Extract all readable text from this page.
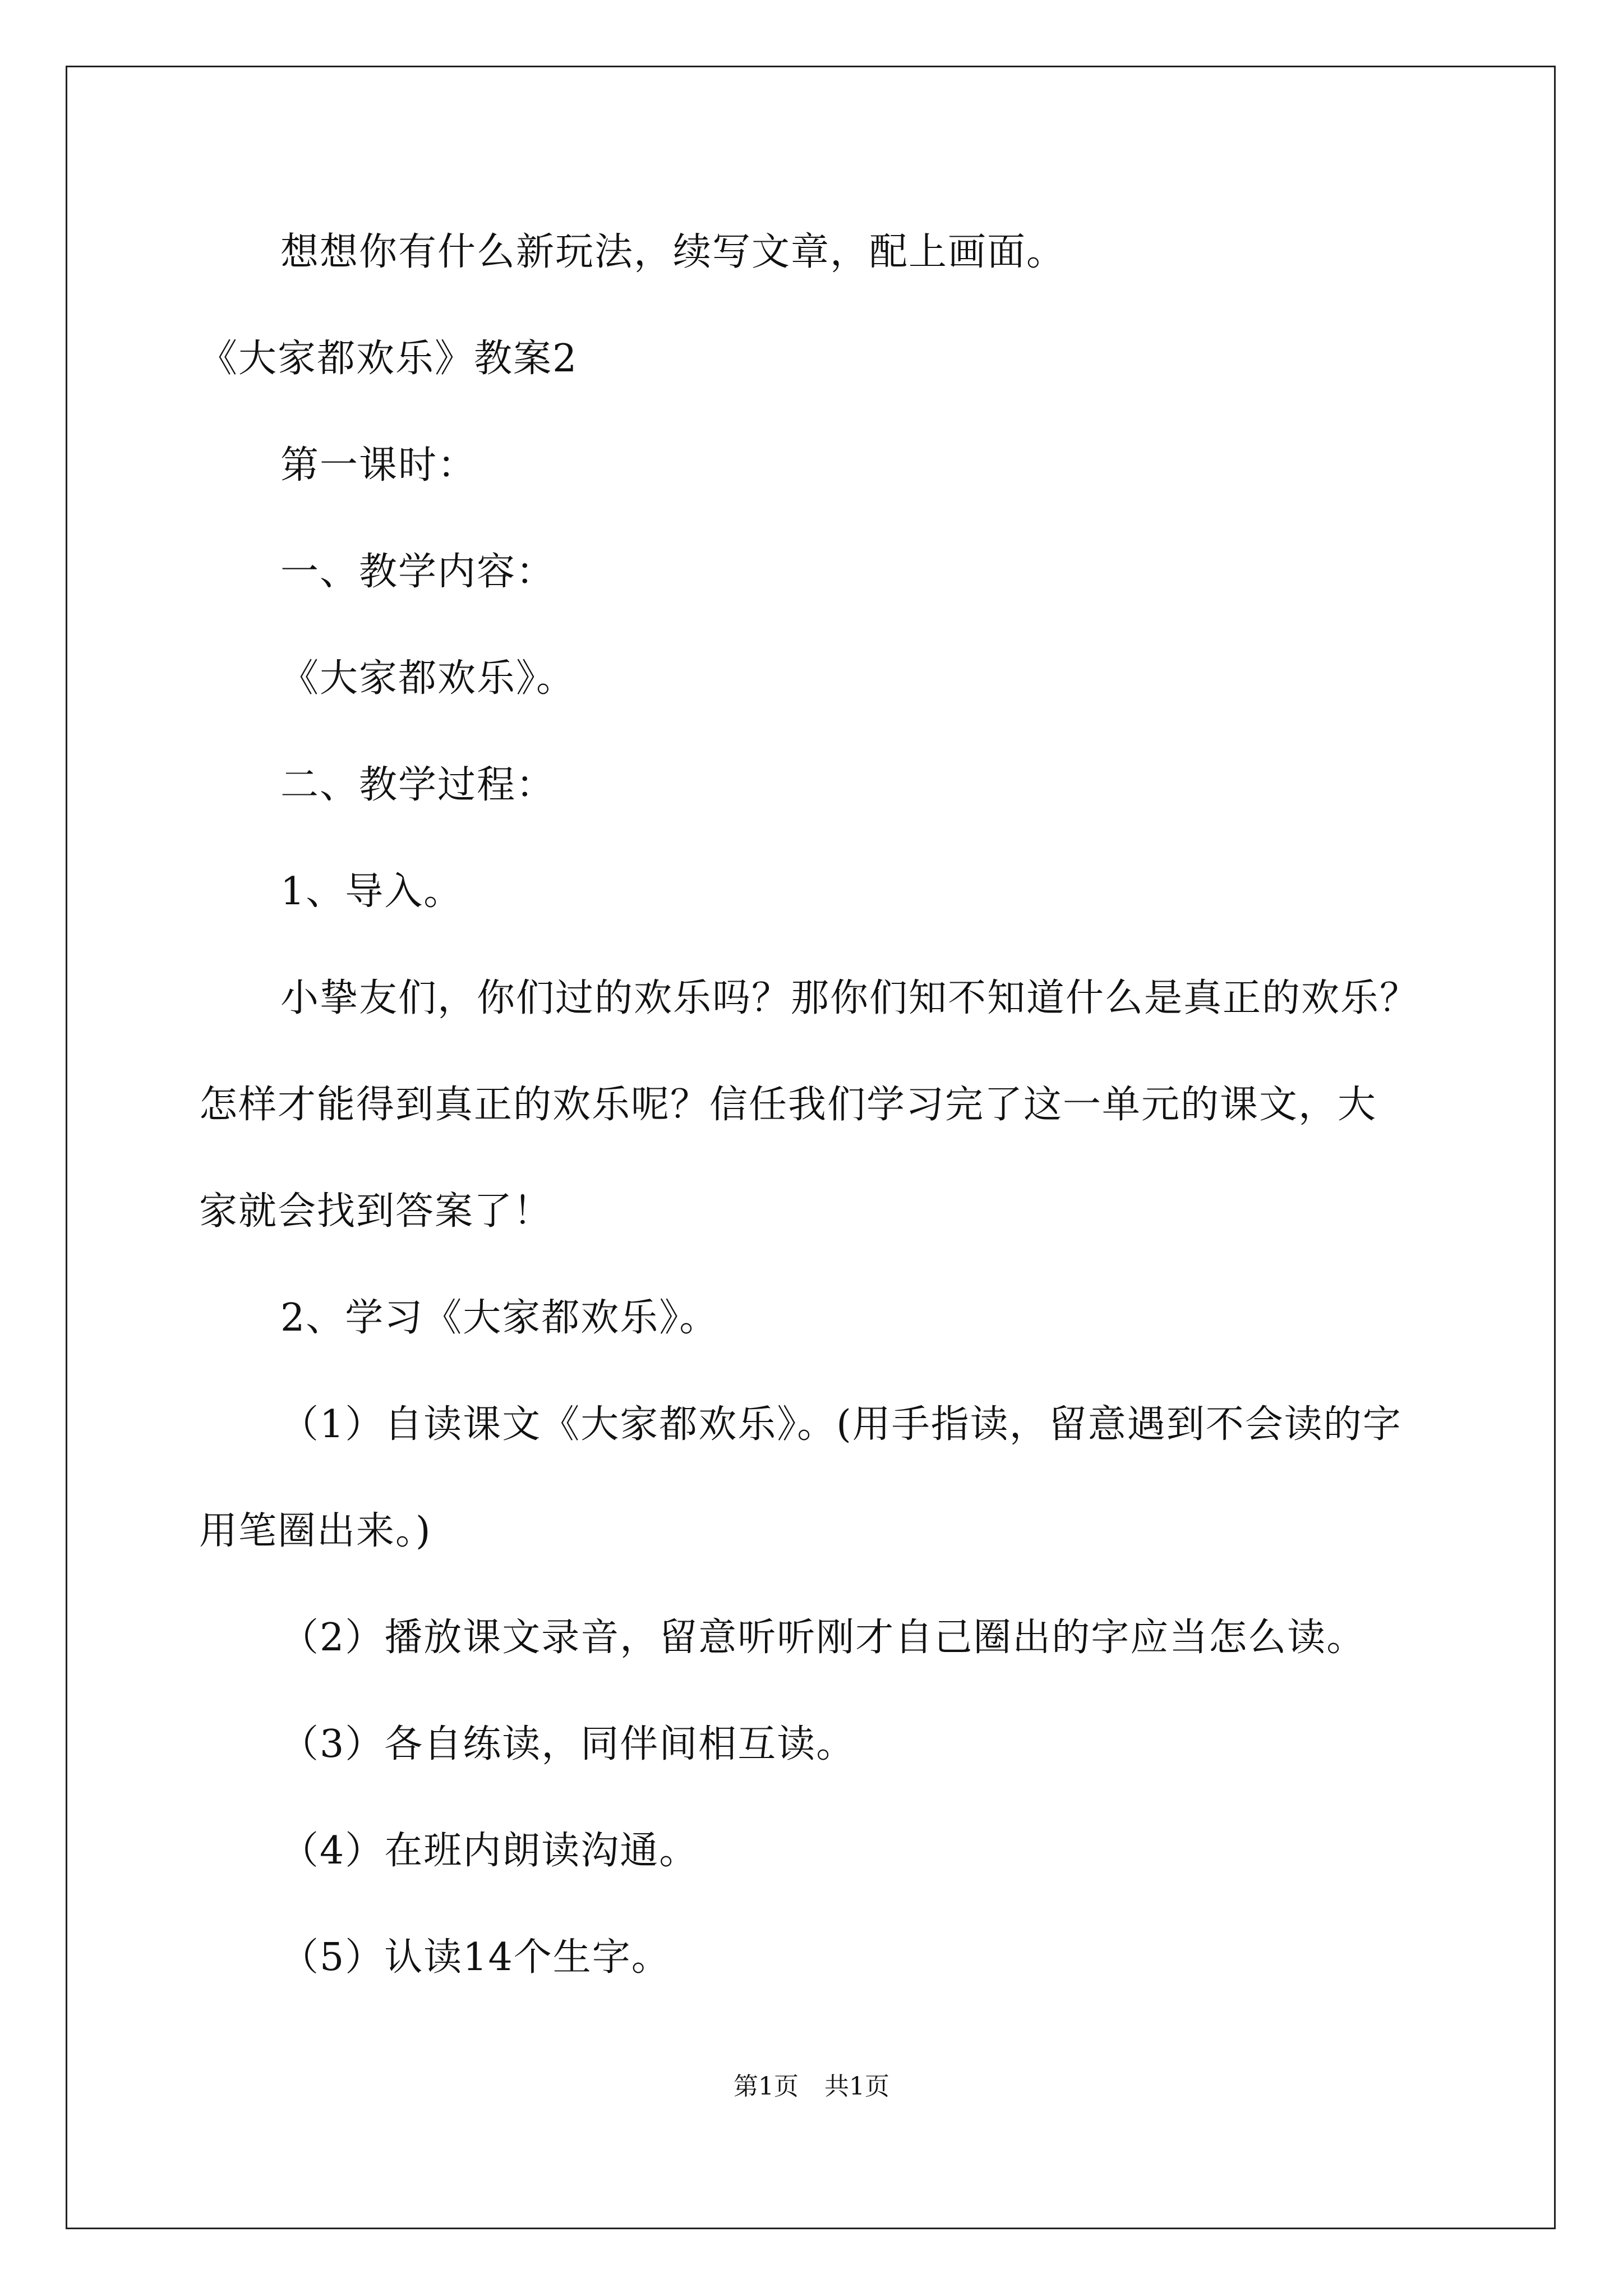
想想你有什么新玩法，续写文章，配上画面。
《大家都欢乐》教案2
第一课时：
一、教学内容：
《大家都欢乐》。
二、教学过程：
1、导入。
小挚友们，你们过的欢乐吗？那你们知不知道什么是真正的欢乐？
怎样才能得到真正的欢乐呢？信任我们学习完了这一单元的课文，大
家就会找到答案了！
2、学习《大家都欢乐》。
（1）自读课文《大家都欢乐》。(用手指读，留意遇到不会读的字
用笔圈出来。)
（2）播放课文录音，留意听听刚才自己圈出的字应当怎么读。
（3）各自练读，同伴间相互读。
（4）在班内朗读沟通。
（5）认读14个生字。
第1页 共1页
